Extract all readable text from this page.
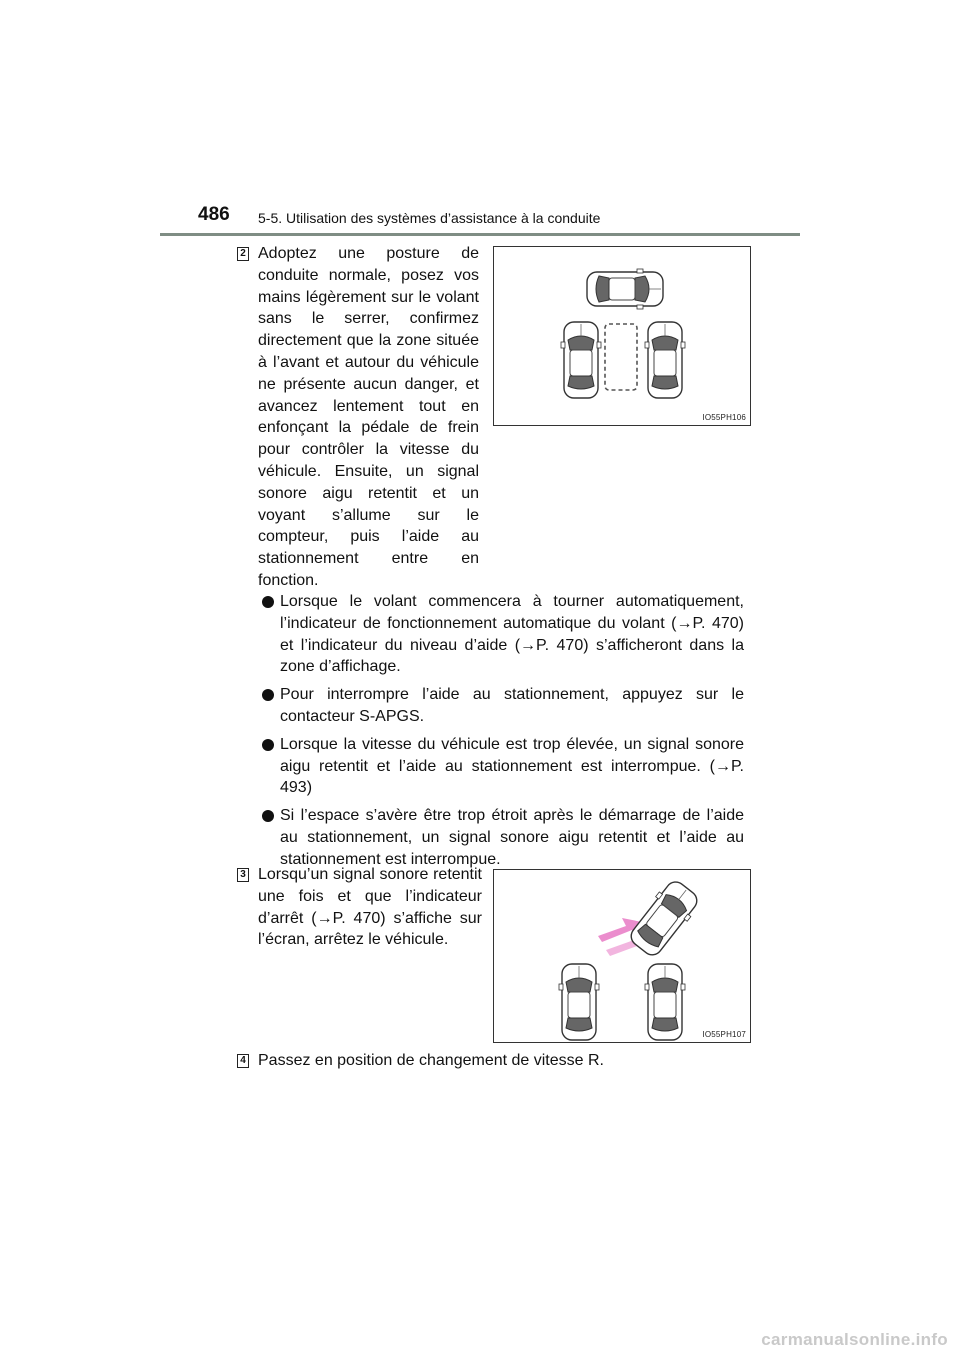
486 5-5. Utilisation des systèmes d’assistance à la conduite
2 Adoptez une posture de conduite normale, posez vos mains légèrement sur le volant sans le serrer, confirmez directement que la zone située à l’avant et autour du véhicule ne présente aucun danger, et avancez lentement tout en enfonçant la pédale de frein pour contrôler la vitesse du véhicule. Ensuite, un signal sonore aigu retentit et un voyant s’allume sur le compteur, puis l’aide au stationnement entre en fonction.
IO55PH106
Lorsque le volant commencera à tourner automatiquement, l’indicateur de fonctionnement automatique du volant (→P. 470) et l’indicateur du niveau d’aide (→P. 470) s’afficheront dans la zone d’affichage.
Pour interrompre l’aide au stationnement, appuyez sur le contacteur S-APGS.
Lorsque la vitesse du véhicule est trop élevée, un signal sonore aigu retentit et l’aide au stationnement est interrompue. (→P. 493)
Si l’espace s’avère être trop étroit après le démarrage de l’aide au stationnement, un signal sonore aigu retentit et l’aide au stationnement est interrompue.
3 Lorsqu’un signal sonore retentit une fois et que l’indicateur d’arrêt (→P. 470) s’affiche sur l’écran, arrêtez le véhicule.
IO55PH107
4 Passez en position de changement de vitesse R.
carmanualsonline.info
